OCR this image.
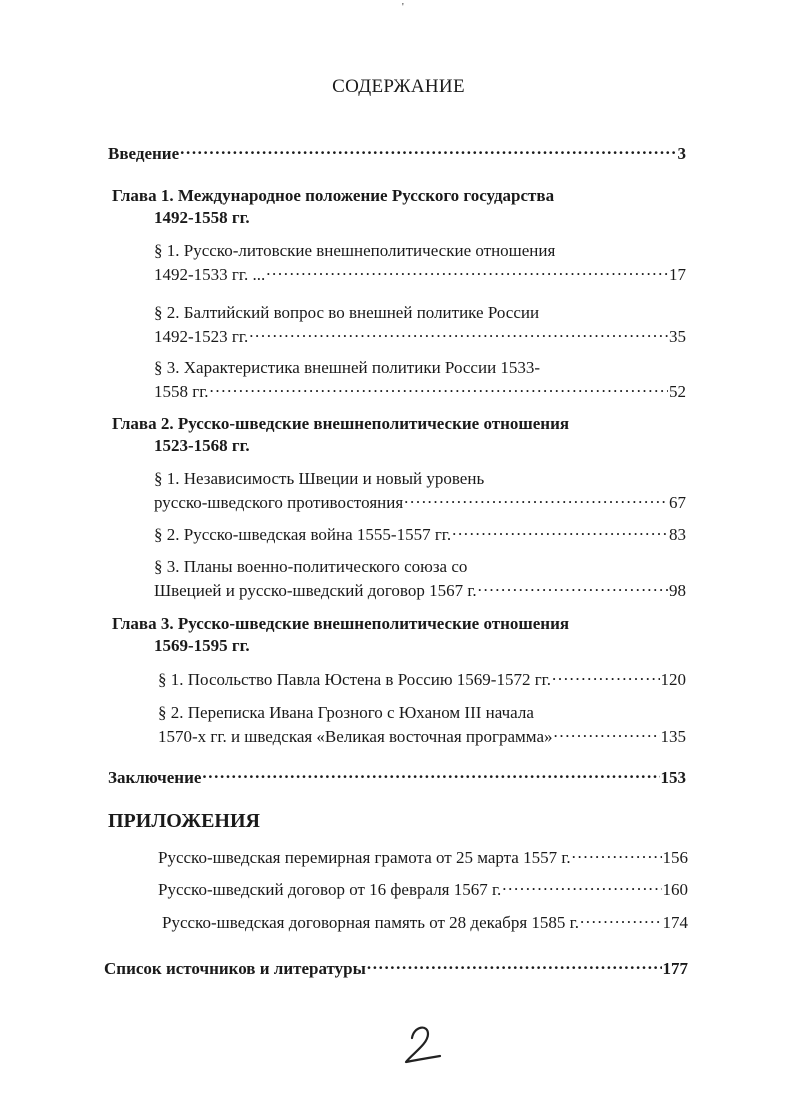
'
СОДЕРЖАНИЕ
Введение .....	3
Глава 1. Международное положение Русского государства
1492-1558 гг.
§ 1. Русско-литовские внешнеполитические отношения
1492-1533 гг. ... .....	17
§ 2. Балтийский вопрос во внешней политике России
1492-1523 гг. .....	35
§ 3. Характеристика внешней политики России 1533-
1558 гг. .....	52
Глава 2. Русско-шведские внешнеполитические отношения
1523-1568 гг.
§ 1. Независимость Швеции и новый уровень
русско-шведского противостояния .....	67
§ 2. Русско-шведская война 1555-1557 гг. .....	83
§ 3. Планы военно-политического союза со
Швецией и русско-шведский договор 1567 г. .....	98
Глава 3. Русско-шведские внешнеполитические отношения
1569-1595 гг.
§ 1. Посольство Павла Юстена в Россию 1569-1572 гг. .....	120
§ 2. Переписка Ивана Грозного с Юханом III начала
1570-х гг. и шведская «Великая восточная программа» .....	135
Заключение .....	153
ПРИЛОЖЕНИЯ
Русско-шведская перемирная грамота от 25 марта 1557 г. .....	156
Русско-шведский договор от 16 февраля 1567 г. .....	160
Русско-шведская договорная память от 28 декабря 1585 г. .....	174
Список источников и литературы .....	177
